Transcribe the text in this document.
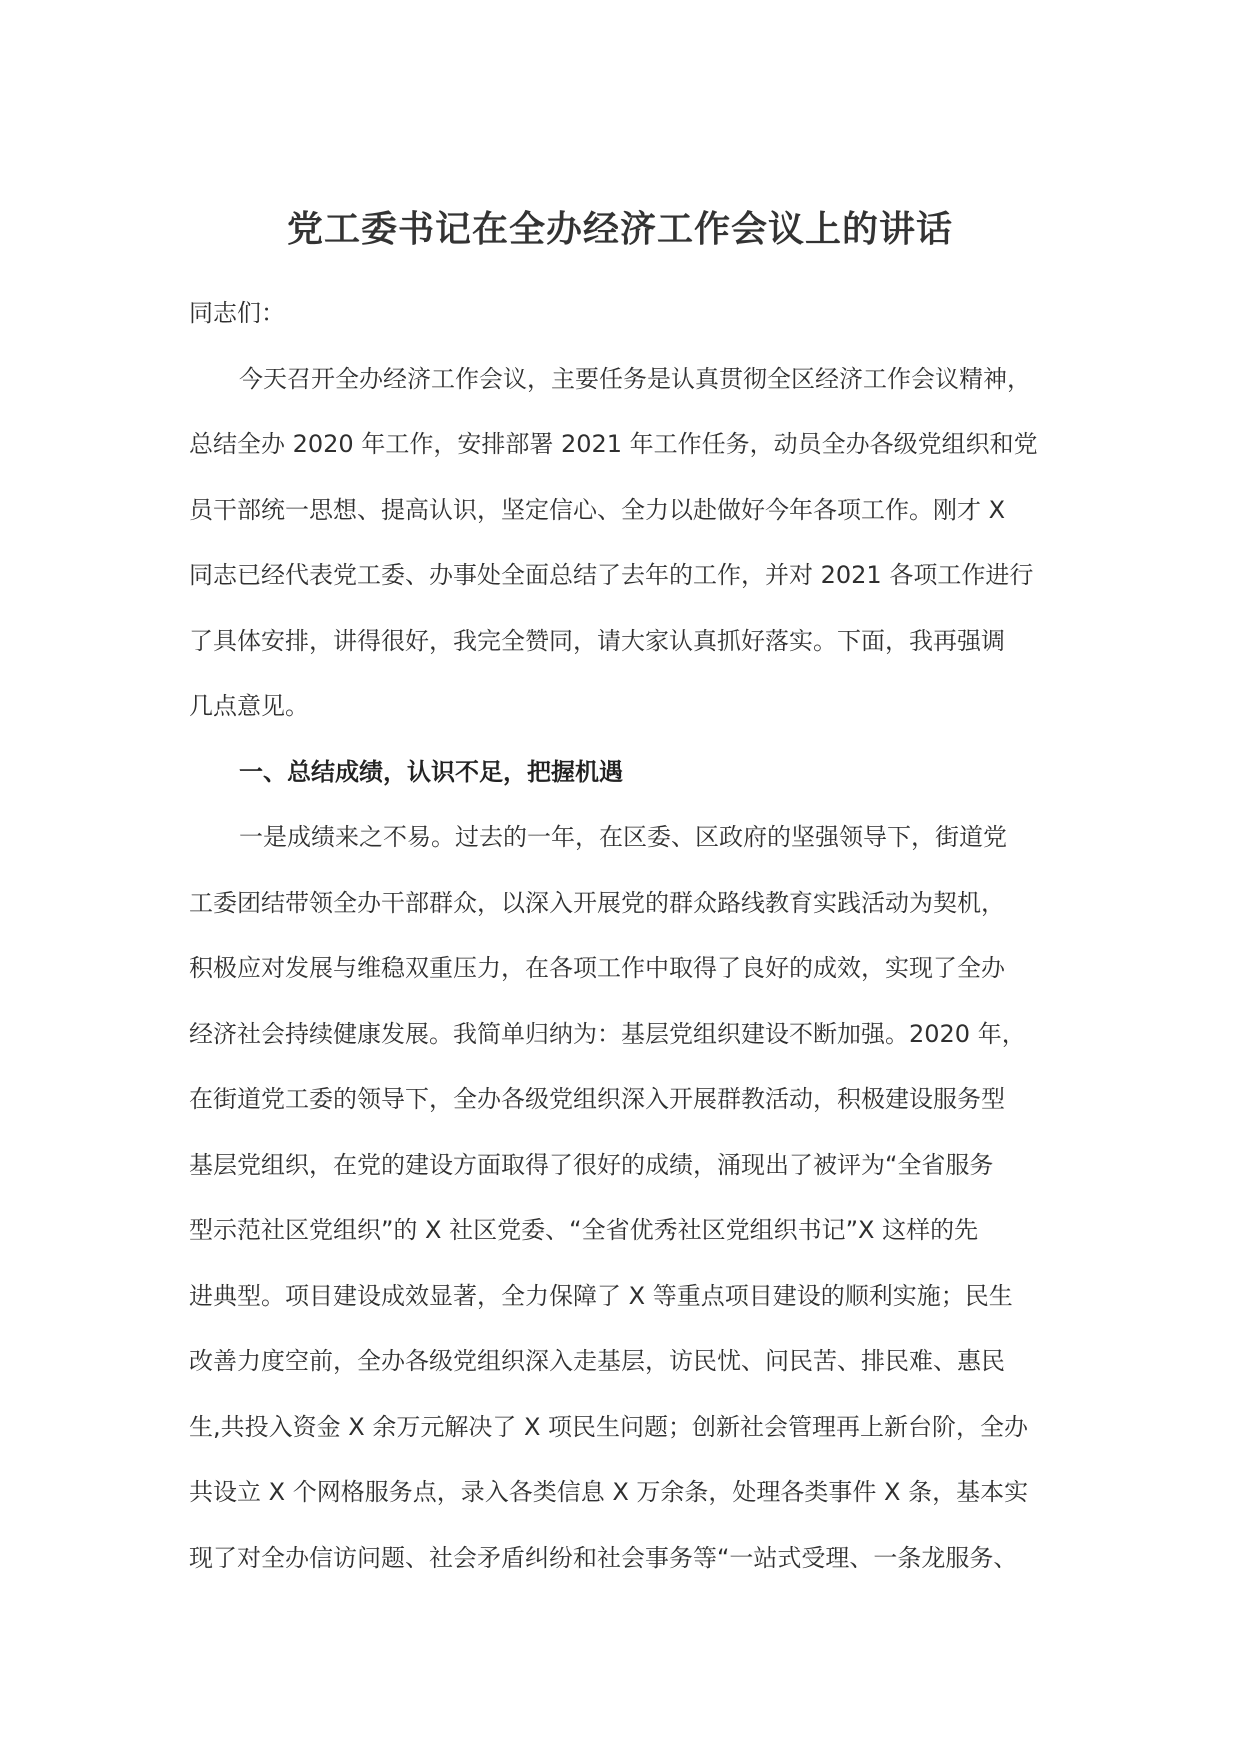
党工委书记在全办经济工作会议上的讲话
同志们：
今天召开全办经济工作会议，主要任务是认真贯彻全区经济工作会议精神，
总结全办 2020 年工作，安排部署 2021 年工作任务，动员全办各级党组织和党
员干部统一思想、提高认识，坚定信心、全力以赴做好今年各项工作。刚才 X
同志已经代表党工委、办事处全面总结了去年的工作，并对 2021 各项工作进行
了具体安排，讲得很好，我完全赞同，请大家认真抓好落实。下面，我再强调
几点意见。
一、总结成绩，认识不足，把握机遇
一是成绩来之不易。过去的一年，在区委、区政府的坚强领导下，街道党
工委团结带领全办干部群众，以深入开展党的群众路线教育实践活动为契机，
积极应对发展与维稳双重压力，在各项工作中取得了良好的成效，实现了全办
经济社会持续健康发展。我简单归纳为：基层党组织建设不断加强。2020 年，
在街道党工委的领导下，全办各级党组织深入开展群教活动，积极建设服务型
基层党组织，在党的建设方面取得了很好的成绩，涌现出了被评为“全省服务
型示范社区党组织”的 X 社区党委、“全省优秀社区党组织书记”X 这样的先
进典型。项目建设成效显著，全力保障了 X 等重点项目建设的顺利实施；民生
改善力度空前，全办各级党组织深入走基层，访民忧、问民苦、排民难、惠民
生,共投入资金 X 余万元解决了 X 项民生问题；创新社会管理再上新台阶，全办
共设立 X 个网格服务点，录入各类信息 X 万余条，处理各类事件 X 条，基本实
现了对全办信访问题、社会矛盾纠纷和社会事务等“一站式受理、一条龙服务、
